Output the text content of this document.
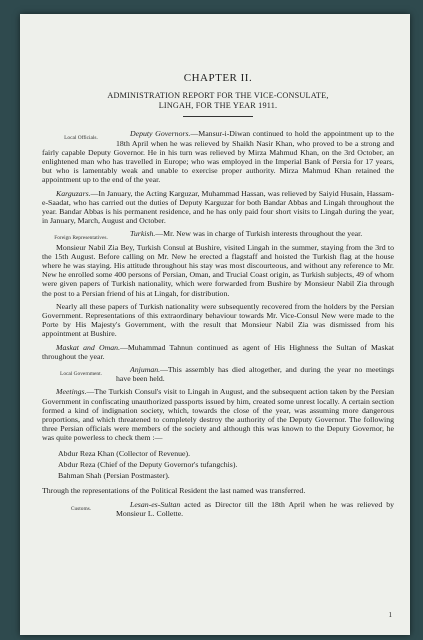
CHAPTER II.
ADMINISTRATION REPORT FOR THE VICE-CONSULATE,
LINGAH, FOR THE YEAR 1911.

Local Officials.	Deputy Governors.—Mansur-i-Diwan continued to hold the appointment up to the 18th April when he was relieved by Shaikh Nasir Khan, who proved to be a strong and fairly capable Deputy Governor. He in his turn was relieved by Mirza Mahmud Khan, on the 3rd October, an enlightened man who has travelled in Europe; who was employed in the Imperial Bank of Persia for 17 years, but who is lamentably weak and unable to exercise proper authority. Mirza Mahmud Khan retained the appointment up to the end of the year.

Karguzars.—In January, the Acting Karguzar, Muhammad Hassan, was relieved by Saiyid Husain, Hassam-e-Saadat, who has carried out the duties of Deputy Karguzar for both Bandar Abbas and Lingah throughout the year. Bandar Abbas is his permanent residence, and he has only paid four short visits to Lingah during the year, in January, March, August and October.

Foreign Representatives.	Turkish.—Mr. New was in charge of Turkish interests throughout the year.

Monsieur Nabil Zia Bey, Turkish Consul at Bushire, visited Lingah in the summer, staying from the 3rd to the 15th August. Before calling on Mr. New he erected a flagstaff and hoisted the Turkish flag at the house where he was staying. His attitude throughout his stay was most discourteous, and without any reference to Mr. New he enrolled some 400 persons of Persian, Oman, and Trucial Coast origin, as Turkish subjects, 49 of whom were given papers of Turkish nationality, which were forwarded from Bushire by Monsieur Nabil Zia through the post to a Persian friend of his at Lingah, for distribution.

Nearly all these papers of Turkish nationality were subsequently recovered from the holders by the Persian Government. Representations of this extraordinary behaviour towards Mr. Vice-Consul New were made to the Porte by His Majesty's Government, with the result that Monsieur Nabil Zia was dismissed from his appointment at Bushire.

Maskat and Oman.—Muhammad Tahnun continued as agent of His Highness the Sultan of Maskat throughout the year.

Local Government.	Anjuman.—This assembly has died altogether, and during the year no meetings have been held.

Meetings.—The Turkish Consul's visit to Lingah in August, and the subsequent action taken by the Persian Government in confiscating unauthorized passports issued by him, created some unrest locally. A certain section formed a kind of indignation society, which, towards the close of the year, was assuming more dangerous proportions, and which threatened to completely destroy the authority of the Deputy Governor. The following three Persian officials were members of the society and although this was known to the Deputy Governor, he was quite powerless to check them :—

Abdur Reza Khan (Collector of Revenue).
Abdur Reza (Chief of the Deputy Governor's tufangchis).
Bahman Shah (Persian Postmaster).

Through the representations of the Political Resident the last named was transferred.

Customs.	Lesan-es-Sultan acted as Director till the 18th April when he was relieved by Monsieur L. Collette.

1
